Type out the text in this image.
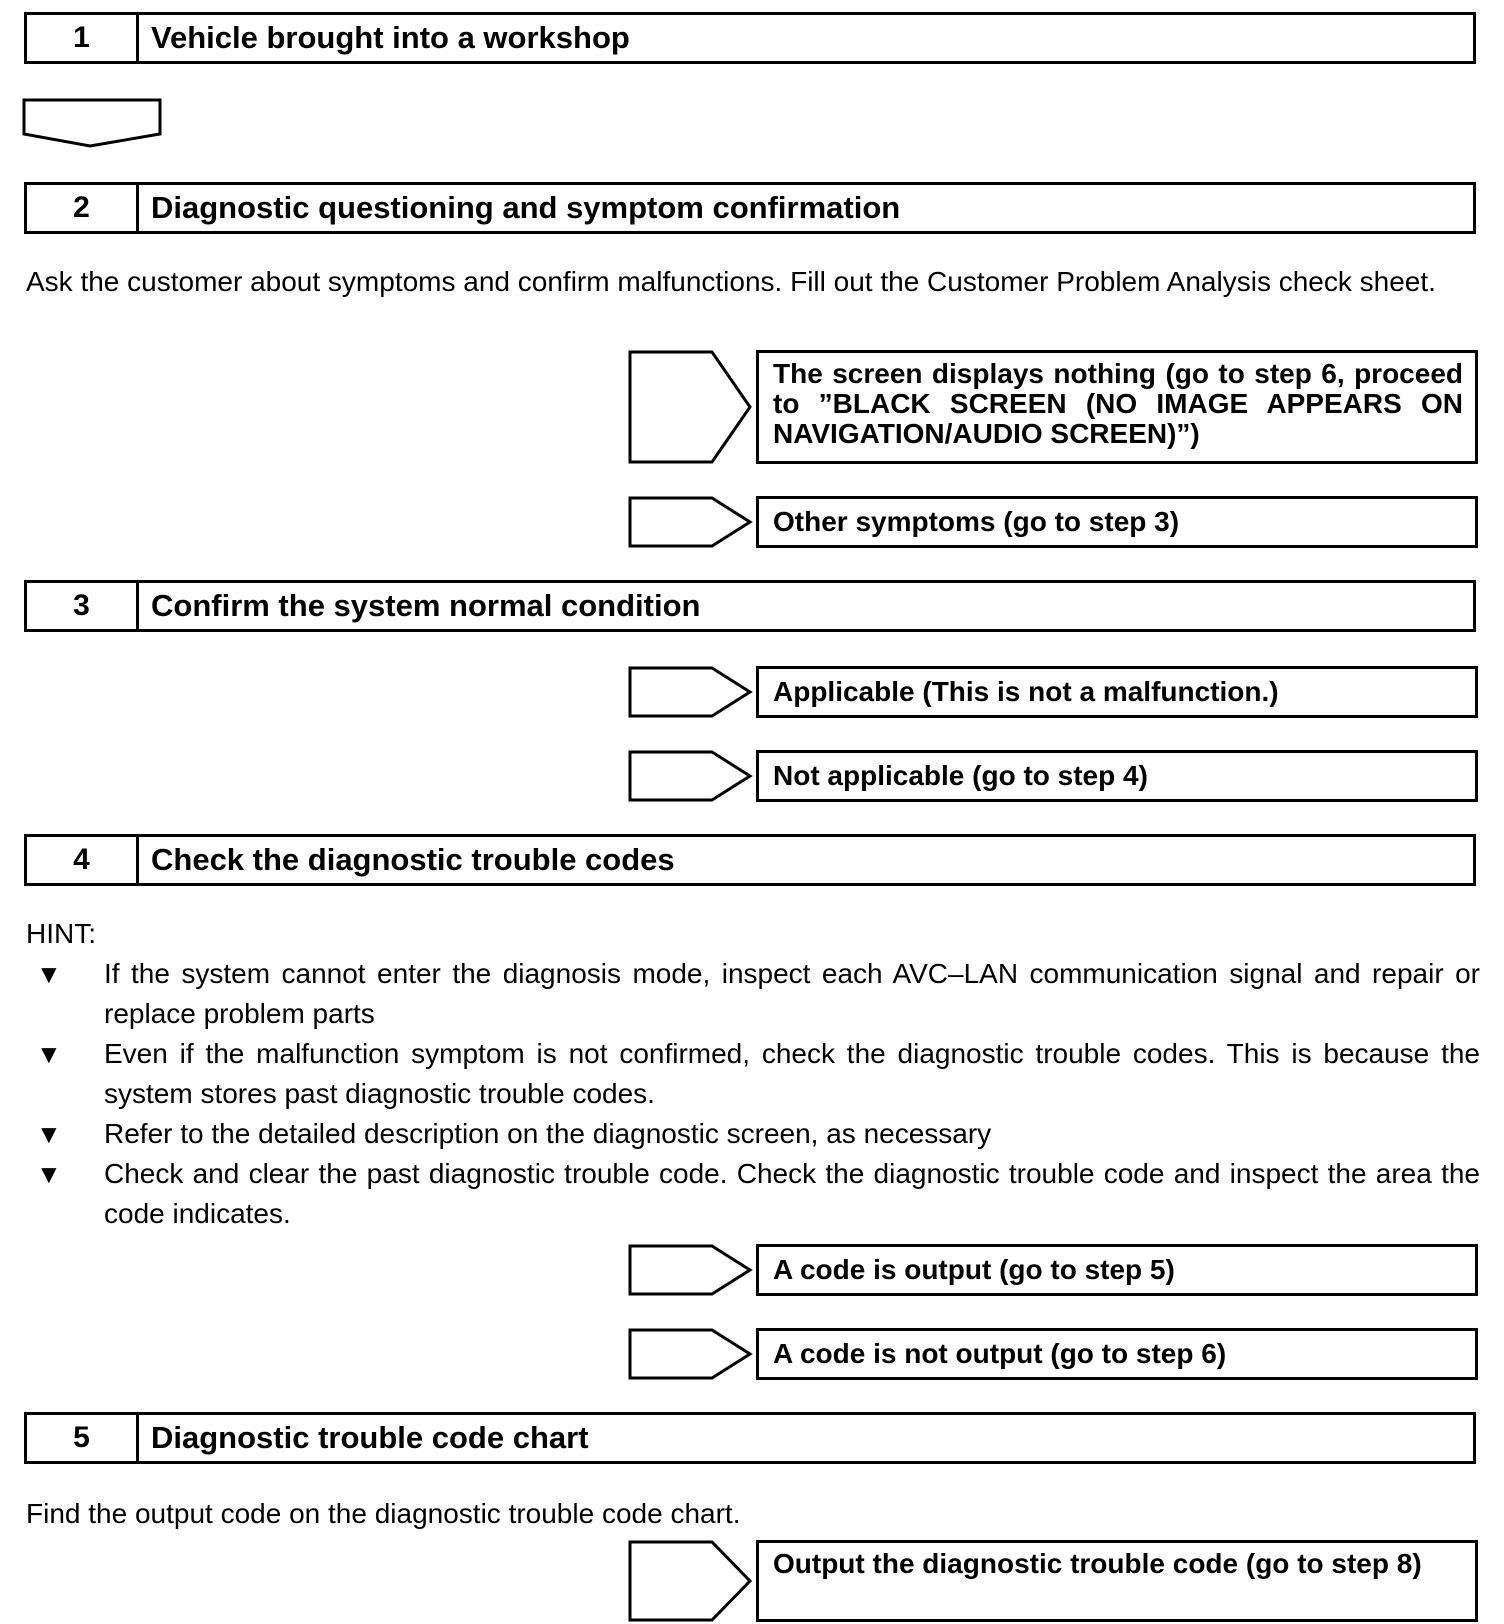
1	Vehicle brought into a workshop
2	Diagnostic questioning and symptom confirmation
Ask the customer about symptoms and confirm malfunctions. Fill out the Customer Problem Analysis check sheet.
The screen displays nothing (go to step 6, proceed to ”BLACK SCREEN (NO IMAGE APPEARS ON NAVIGATION/AUDIO SCREEN)”)
Other symptoms (go to step 3)
3	Confirm the system normal condition
Applicable (This is not a malfunction.)
Not applicable (go to step 4)
4	Check the diagnostic trouble codes
HINT:
▼	If the system cannot enter the diagnosis mode, inspect each AVC–LAN communication signal and repair or replace problem parts
▼	Even if the malfunction symptom is not confirmed, check the diagnostic trouble codes. This is because the system stores past diagnostic trouble codes.
▼	Refer to the detailed description on the diagnostic screen, as necessary
▼	Check and clear the past diagnostic trouble code. Check the diagnostic trouble code and inspect the area the code indicates.
A code is output (go to step 5)
A code is not output (go to step 6)
5	Diagnostic trouble code chart
Find the output code on the diagnostic trouble code chart.
Output the diagnostic trouble code (go to step 8)
